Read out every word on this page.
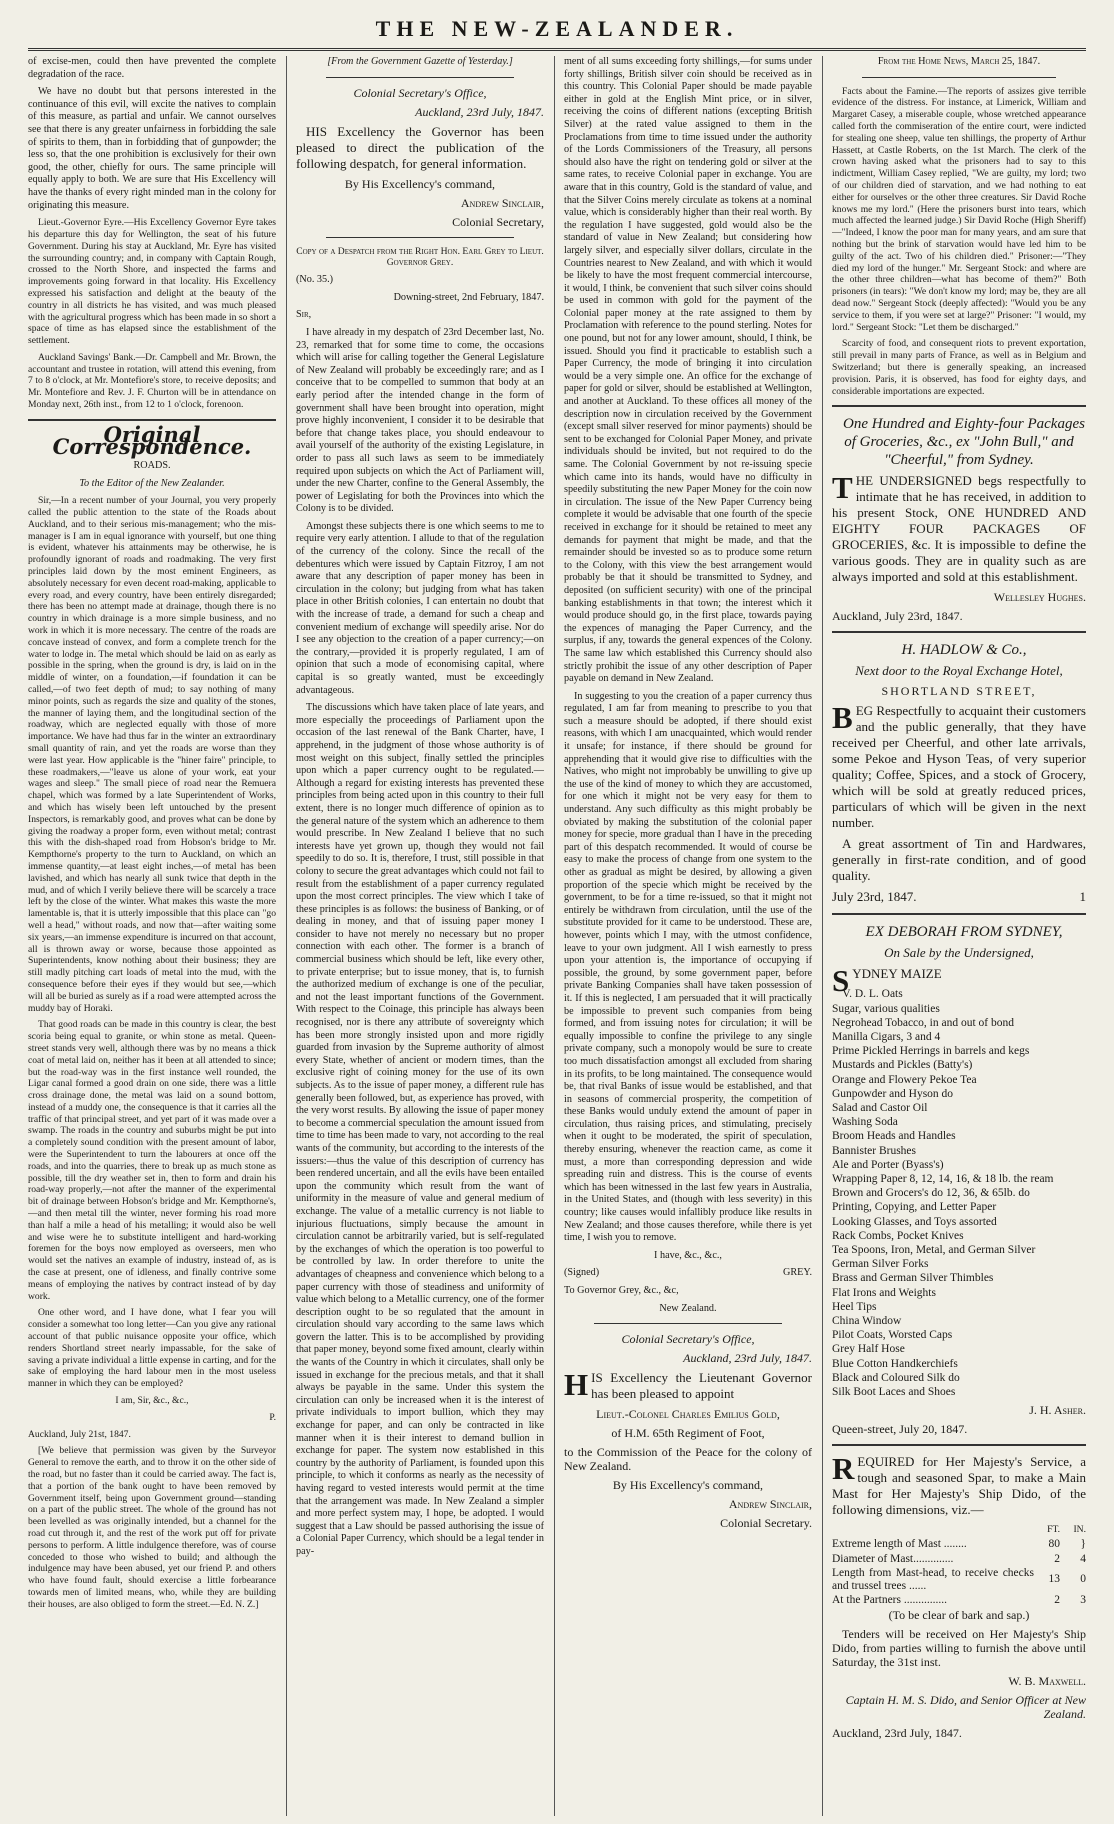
THE NEW-ZEALANDER.

of excise-men, could then have prevented the complete degradation of the race.

We have no doubt but that persons interested in the continuance of this evil, will excite the natives to complain of this measure, as partial and unfair. We cannot ourselves see that there is any greater unfairness in forbidding the sale of spirits to them, than in forbidding that of gunpowder; the less so, that the one prohibition is exclusively for their own good, the other, chiefly for ours. The same principle will equally apply to both. We are sure that His Excellency will have the thanks of every right minded man in the colony for originating this measure.

Lieut.-Governor Eyre.—His Excellency Governor Eyre takes his departure this day for Wellington, the seat of his future Government. During his stay at Auckland, Mr. Eyre has visited the surrounding country; and, in company with Captain Rough, crossed to the North Shore, and inspected the farms and improvements going forward in that locality. His Excellency expressed his satisfaction and delight at the beauty of the country in all districts he has visited, and was much pleased with the agricultural progress which has been made in so short a space of time as has elapsed since the establishment of the settlement.

Auckland Savings' Bank.—Dr. Campbell and Mr. Brown, the accountant and trustee in rotation, will attend this evening, from 7 to 8 o'clock, at Mr. Montefiore's store, to receive deposits; and Mr. Montefiore and Rev. J. F. Churton will be in attendance on Monday next, 26th inst., from 12 to 1 o'clock, forenoon.

Original Correspondence.

ROADS.

To the Editor of the New Zealander.

Sir,—In a recent number of your Journal, you very properly called the public attention to the state of the Roads about Auckland, and to their serious mis-management; who the mis-manager is I am in equal ignorance with yourself, but one thing is evident, whatever his attainments may be otherwise, he is profoundly ignorant of roads and roadmaking. The very first principles laid down by the most eminent Engineers, as absolutely necessary for even decent road-making, applicable to every road, and every country, have been entirely disregarded; there has been no attempt made at drainage, though there is no country in which drainage is a more simple business, and no work in which it is more necessary. The centre of the roads are concave instead of convex, and form a complete trench for the water to lodge in. The metal which should be laid on as early as possible in the spring, when the ground is dry, is laid on in the middle of winter, on a foundation,—if foundation it can be called,—of two feet depth of mud; to say nothing of many minor points, such as regards the size and quality of the stones, the manner of laying them, and the longitudinal section of the roadway, which are neglected equally with those of more importance. We have had thus far in the winter an extraordinary small quantity of rain, and yet the roads are worse than they were last year. How applicable is the "hiner faire" principle, to these roadmakers,—"leave us alone of your work, eat your wages and sleep." The small piece of road near the Remuera chapel, which was formed by a late Superintendent of Works, and which has wisely been left untouched by the present Inspectors, is remarkably good, and proves what can be done by giving the roadway a proper form, even without metal; contrast this with the dish-shaped road from Hobson's bridge to Mr. Kempthorne's property to the turn to Auckland, on which an immense quantity,—at least eight inches,—of metal has been lavished, and which has nearly all sunk twice that depth in the mud, and of which I verily believe there will be scarcely a trace left by the close of the winter. What makes this waste the more lamentable is, that it is utterly impossible that this place can "go well a head," without roads, and now that—after waiting some six years,—an immense expenditure is incurred on that account, all is thrown away or worse, because those appointed as Superintendents, know nothing about their business; they are still madly pitching cart loads of metal into the mud, with the consequence before their eyes if they would but see,—which will all be buried as surely as if a road were attempted across the muddy bay of Horaki.

That good roads can be made in this country is clear, the best scoria being equal to granite, or whin stone as metal. Queen-street stands very well, although there was by no means a thick coat of metal laid on, neither has it been at all attended to since; but the road-way was in the first instance well rounded, the Ligar canal formed a good drain on one side, there was a little cross drainage done, the metal was laid on a sound bottom, instead of a muddy one, the consequence is that it carries all the traffic of that principal street, and yet part of it was made over a swamp. The roads in the country and suburbs might be put into a completely sound condition with the present amount of labor, were the Superintendent to turn the labourers at once off the roads, and into the quarries, there to break up as much stone as possible, till the dry weather set in, then to form and drain his road-way properly,—not after the manner of the experimental bit of drainage between Hobson's bridge and Mr. Kempthorne's,—and then metal till the winter, never forming his road more than half a mile a head of his metalling; it would also be well and wise were he to substitute intelligent and hard-working foremen for the boys now employed as overseers, men who would set the natives an example of industry, instead of, as is the case at present, one of idleness, and finally contrive some means of employing the natives by contract instead of by day work.

One other word, and I have done, what I fear you will consider a somewhat too long letter—Can you give any rational account of that public nuisance opposite your office, which renders Shortland street nearly impassable, for the sake of saving a private individual a little expense in carting, and for the sake of employing the hard labour men in the most useless manner in which they can be employed?

I am, Sir, &c., &c.,

P.

Auckland, July 21st, 1847.

[We believe that permission was given by the Surveyor General to remove the earth, and to throw it on the other side of the road, but no faster than it could be carried away. The fact is, that a portion of the bank ought to have been removed by Government itself, being upon Government ground—standing on a part of the public street. The whole of the ground has not been levelled as was originally intended, but a channel for the road cut through it, and the rest of the work put off for private persons to perform. A little indulgence therefore, was of course conceded to those who wished to build; and although the indulgence may have been abused, yet our friend P. and others who have found fault, should exercise a little forbearance towards men of limited means, who, while they are building their houses, are also obliged to form the street.—Ed. N. Z.]

[From the Government Gazette of Yesterday.]

Colonial Secretary's Office,

Auckland, 23rd July, 1847.

HIS Excellency the Governor has been pleased to direct the publication of the following despatch, for general information.

By His Excellency's command,

Andrew Sinclair,

Colonial Secretary,

Copy of a Despatch from the Right Hon. Earl Grey to Lieut. Governor Grey.

(No. 35.)

Downing-street, 2nd February, 1847.

Sir,

I have already in my despatch of 23rd December last, No. 23, remarked that for some time to come, the occasions which will arise for calling together the General Legislature of New Zealand will probably be exceedingly rare; and as I conceive that to be compelled to summon that body at an early period after the intended change in the form of government shall have been brought into operation, might prove highly inconvenient, I consider it to be desirable that before that change takes place, you should endeavour to avail yourself of the authority of the existing Legislature, in order to pass all such laws as seem to be immediately required upon subjects on which the Act of Parliament will, under the new Charter, confine to the General Assembly, the power of Legislating for both the Provinces into which the Colony is to be divided.

Amongst these subjects there is one which seems to me to require very early attention. I allude to that of the regulation of the currency of the colony. Since the recall of the debentures which were issued by Captain Fitzroy, I am not aware that any description of paper money has been in circulation in the colony; but judging from what has taken place in other British colonies, I can entertain no doubt that with the increase of trade, a demand for such a cheap and convenient medium of exchange will speedily arise. Nor do I see any objection to the creation of a paper currency;—on the contrary,—provided it is properly regulated, I am of opinion that such a mode of economising capital, where capital is so greatly wanted, must be exceedingly advantageous.

The discussions which have taken place of late years, and more especially the proceedings of Parliament upon the occasion of the last renewal of the Bank Charter, have, I apprehend, in the judgment of those whose authority is of most weight on this subject, finally settled the principles upon which a paper currency ought to be regulated.—Although a regard for existing interests has prevented these principles from being acted upon in this country to their full extent, there is no longer much difference of opinion as to the general nature of the system which an adherence to them would prescribe. In New Zealand I believe that no such interests have yet grown up, though they would not fail speedily to do so. It is, therefore, I trust, still possible in that colony to secure the great advantages which could not fail to result from the establishment of a paper currency regulated upon the most correct principles. The view which I take of these principles is as follows: the business of Banking, or of dealing in money, and that of issuing paper money I consider to have not merely no necessary but no proper connection with each other. The former is a branch of commercial business which should be left, like every other, to private enterprise; but to issue money, that is, to furnish the authorized medium of exchange is one of the peculiar, and not the least important functions of the Government. With respect to the Coinage, this principle has always been recognised, nor is there any attribute of sovereignty which has been more strongly insisted upon and more rigidly guarded from invasion by the Supreme authority of almost every State, whether of ancient or modern times, than the exclusive right of coining money for the use of its own subjects. As to the issue of paper money, a different rule has generally been followed, but, as experience has proved, with the very worst results. By allowing the issue of paper money to become a commercial speculation the amount issued from time to time has been made to vary, not according to the real wants of the community, but according to the interests of the issuers:—thus the value of this description of currency has been rendered uncertain, and all the evils have been entailed upon the community which result from the want of uniformity in the measure of value and general medium of exchange. The value of a metallic currency is not liable to injurious fluctuations, simply because the amount in circulation cannot be arbitrarily varied, but is self-regulated by the exchanges of which the operation is too powerful to be controlled by law. In order therefore to unite the advantages of cheapness and convenience which belong to a paper currency with those of steadiness and uniformity of value which belong to a Metallic currency, one of the former description ought to be so regulated that the amount in circulation should vary according to the same laws which govern the latter. This is to be accomplished by providing that paper money, beyond some fixed amount, clearly within the wants of the Country in which it circulates, shall only be issued in exchange for the precious metals, and that it shall always be payable in the same. Under this system the circulation can only be increased when it is the interest of private individuals to import bullion, which they may exchange for paper, and can only be contracted in like manner when it is their interest to demand bullion in exchange for paper. The system now established in this country by the authority of Parliament, is founded upon this principle, to which it conforms as nearly as the necessity of having regard to vested interests would permit at the time that the arrangement was made. In New Zealand a simpler and more perfect system may, I hope, be adopted. I would suggest that a Law should be passed authorising the issue of a Colonial Paper Currency, which should be a legal tender in pay-

ment of all sums exceeding forty shillings,—for sums under forty shillings, British silver coin should be received as in this country. This Colonial Paper should be made payable either in gold at the English Mint price, or in silver, receiving the coins of different nations (excepting British Silver) at the rated value assigned to them in the Proclamations from time to time issued under the authority of the Lords Commissioners of the Treasury, all persons should also have the right on tendering gold or silver at the same rates, to receive Colonial paper in exchange. You are aware that in this country, Gold is the standard of value, and that the Silver Coins merely circulate as tokens at a nominal value, which is considerably higher than their real worth. By the regulation I have suggested, gold would also be the standard of value in New Zealand; but considering how largely silver, and especially silver dollars, circulate in the Countries nearest to New Zealand, and with which it would be likely to have the most frequent commercial intercourse, it would, I think, be convenient that such silver coins should be used in common with gold for the payment of the Colonial paper money at the rate assigned to them by Proclamation with reference to the pound sterling. Notes for one pound, but not for any lower amount, should, I think, be issued. Should you find it practicable to establish such a Paper Currency, the mode of bringing it into circulation would be a very simple one. An office for the exchange of paper for gold or silver, should be established at Wellington, and another at Auckland. To these offices all money of the description now in circulation received by the Government (except small silver reserved for minor payments) should be sent to be exchanged for Colonial Paper Money, and private individuals should be invited, but not required to do the same. The Colonial Government by not re-issuing specie which came into its hands, would have no difficulty in speedily substituting the new Paper Money for the coin now in circulation. The issue of the New Paper Currency being complete it would be advisable that one fourth of the specie received in exchange for it should be retained to meet any demands for payment that might be made, and that the remainder should be invested so as to produce some return to the Colony, with this view the best arrangement would probably be that it should be transmitted to Sydney, and deposited (on sufficient security) with one of the principal banking establishments in that town; the interest which it would produce should go, in the first place, towards paying the expences of managing the Paper Currency, and the surplus, if any, towards the general expences of the Colony. The same law which established this Currency should also strictly prohibit the issue of any other description of Paper payable on demand in New Zealand.

In suggesting to you the creation of a paper currency thus regulated, I am far from meaning to prescribe to you that such a measure should be adopted, if there should exist reasons, with which I am unacquainted, which would render it unsafe; for instance, if there should be ground for apprehending that it would give rise to difficulties with the Natives, who might not improbably be unwilling to give up the use of the kind of money to which they are accustomed, for one which it might not be very easy for them to understand. Any such difficulty as this might probably be obviated by making the substitution of the colonial paper money for specie, more gradual than I have in the preceding part of this despatch recommended. It would of course be easy to make the process of change from one system to the other as gradual as might be desired, by allowing a given proportion of the specie which might be received by the government, to be for a time re-issued, so that it might not entirely be withdrawn from circulation, until the use of the substitute provided for it came to be understood. These are, however, points which I may, with the utmost confidence, leave to your own judgment. All I wish earnestly to press upon your attention is, the importance of occupying if possible, the ground, by some government paper, before private Banking Companies shall have taken possession of it. If this is neglected, I am persuaded that it will practically be impossible to prevent such companies from being formed, and from issuing notes for circulation; it will be equally impossible to confine the privilege to any single private company, such a monopoly would be sure to create too much dissatisfaction amongst all excluded from sharing in its profits, to be long maintained. The consequence would be, that rival Banks of issue would be established, and that in seasons of commercial prosperity, the competition of these Banks would unduly extend the amount of paper in circulation, thus raising prices, and stimulating, precisely when it ought to be moderated, the spirit of speculation, thereby ensuring, whenever the reaction came, as come it must, a more than corresponding depression and wide spreading ruin and distress. This is the course of events which has been witnessed in the last few years in Australia, in the United States, and (though with less severity) in this country; like causes would infallibly produce like results in New Zealand; and those causes therefore, while there is yet time, I wish you to remove.

I have, &c., &c.,

(Signed)	GREY.

To Governor Grey, &c., &c,

New Zealand.

Colonial Secretary's Office,

Auckland, 23rd July, 1847.

HIS Excellency the Lieutenant Governor has been pleased to appoint

Lieut.-Colonel Charles Emilius Gold,

of H.M. 65th Regiment of Foot,

to the Commission of the Peace for the colony of New Zealand.

By His Excellency's command,

Andrew Sinclair,

Colonial Secretary.

From the Home News, March 25, 1847.

Facts about the Famine.—The reports of assizes give terrible evidence of the distress. For instance, at Limerick, William and Margaret Casey, a miserable couple, whose wretched appearance called forth the commiseration of the entire court, were indicted for stealing one sheep, value ten shillings, the property of Arthur Hassett, at Castle Roberts, on the 1st March. The clerk of the crown having asked what the prisoners had to say to this indictment, William Casey replied, "We are guilty, my lord; two of our children died of starvation, and we had nothing to eat either for ourselves or the other three creatures. Sir David Roche knows me my lord." (Here the prisoners burst into tears, which much affected the learned judge.) Sir David Roche (High Sheriff)—"Indeed, I know the poor man for many years, and am sure that nothing but the brink of starvation would have led him to be guilty of the act. Two of his children died." Prisoner:—"They died my lord of the hunger." Mr. Sergeant Stock: and where are the other three children—what has become of them?" Both prisoners (in tears): "We don't know my lord; may be, they are all dead now." Sergeant Stock (deeply affected): "Would you be any service to them, if you were set at large?" Prisoner: "I would, my lord." Sergeant Stock: "Let them be discharged."

Scarcity of food, and consequent riots to prevent exportation, still prevail in many parts of France, as well as in Belgium and Switzerland; but there is generally speaking, an increased provision. Paris, it is observed, has food for eighty days, and considerable importations are expected.

One Hundred and Eighty-four Packages of Groceries, &c., ex "John Bull," and "Cheerful," from Sydney.

THE UNDERSIGNED begs respectfully to intimate that he has received, in addition to his present Stock, ONE HUNDRED AND EIGHTY FOUR PACKAGES OF GROCERIES, &c. It is impossible to define the various goods. They are in quality such as are always imported and sold at this establishment.

Wellesley Hughes.

Auckland, July 23rd, 1847.

H. HADLOW & Co.,

Next door to the Royal Exchange Hotel,

SHORTLAND STREET,

BEG Respectfully to acquaint their customers and the public generally, that they have received per Cheerful, and other late arrivals, some Pekoe and Hyson Teas, of very superior quality; Coffee, Spices, and a stock of Grocery, which will be sold at greatly reduced prices, particulars of which will be given in the next number.

A great assortment of Tin and Hardwares, generally in first-rate condition, and of good quality.

July 23rd, 1847.	1

EX DEBORAH FROM SYDNEY,

On Sale by the Undersigned,

SYDNEY MAIZE

V. D. L. Oats
Sugar, various qualities
Negrohead Tobacco, in and out of bond
Manilla Cigars, 3 and 4
Prime Pickled Herrings in barrels and kegs
Mustards and Pickles (Batty's)
Orange and Flowery Pekoe Tea
Gunpowder and Hyson do
Salad and Castor Oil
Washing Soda
Broom Heads and Handles
Bannister Brushes
Ale and Porter (Byass's)
Wrapping Paper 8, 12, 14, 16, & 18 lb. the ream
Brown and Grocers's do 12, 36, & 65lb. do
Printing, Copying, and Letter Paper
Looking Glasses, and Toys assorted
Rack Combs, Pocket Knives
Tea Spoons, Iron, Metal, and German Silver
German Silver Forks
Brass and German Silver Thimbles
Flat Irons and Weights
Heel Tips
China Window
Pilot Coats, Worsted Caps
Grey Half Hose
Blue Cotton Handkerchiefs
Black and Coloured Silk do
Silk Boot Laces and Shoes

J. H. Asher.

Queen-street, July 20, 1847.

REQUIRED for Her Majesty's Service, a tough and seasoned Spar, to make a Main Mast for Her Majesty's Ship Dido, of the following dimensions, viz.—

	FT.	IN.
Extreme length of Mast ........	80	}
Diameter of Mast..............	2	4
Length from Mast-head, to receive checks and trussel trees ......	13	0
At the Partners ...............	2	3

(To be clear of bark and sap.)

Tenders will be received on Her Majesty's Ship Dido, from parties willing to furnish the above until Saturday, the 31st inst.

W. B. Maxwell.

Captain H. M. S. Dido, and Senior Officer at New Zealand.

Auckland, 23rd July, 1847.
